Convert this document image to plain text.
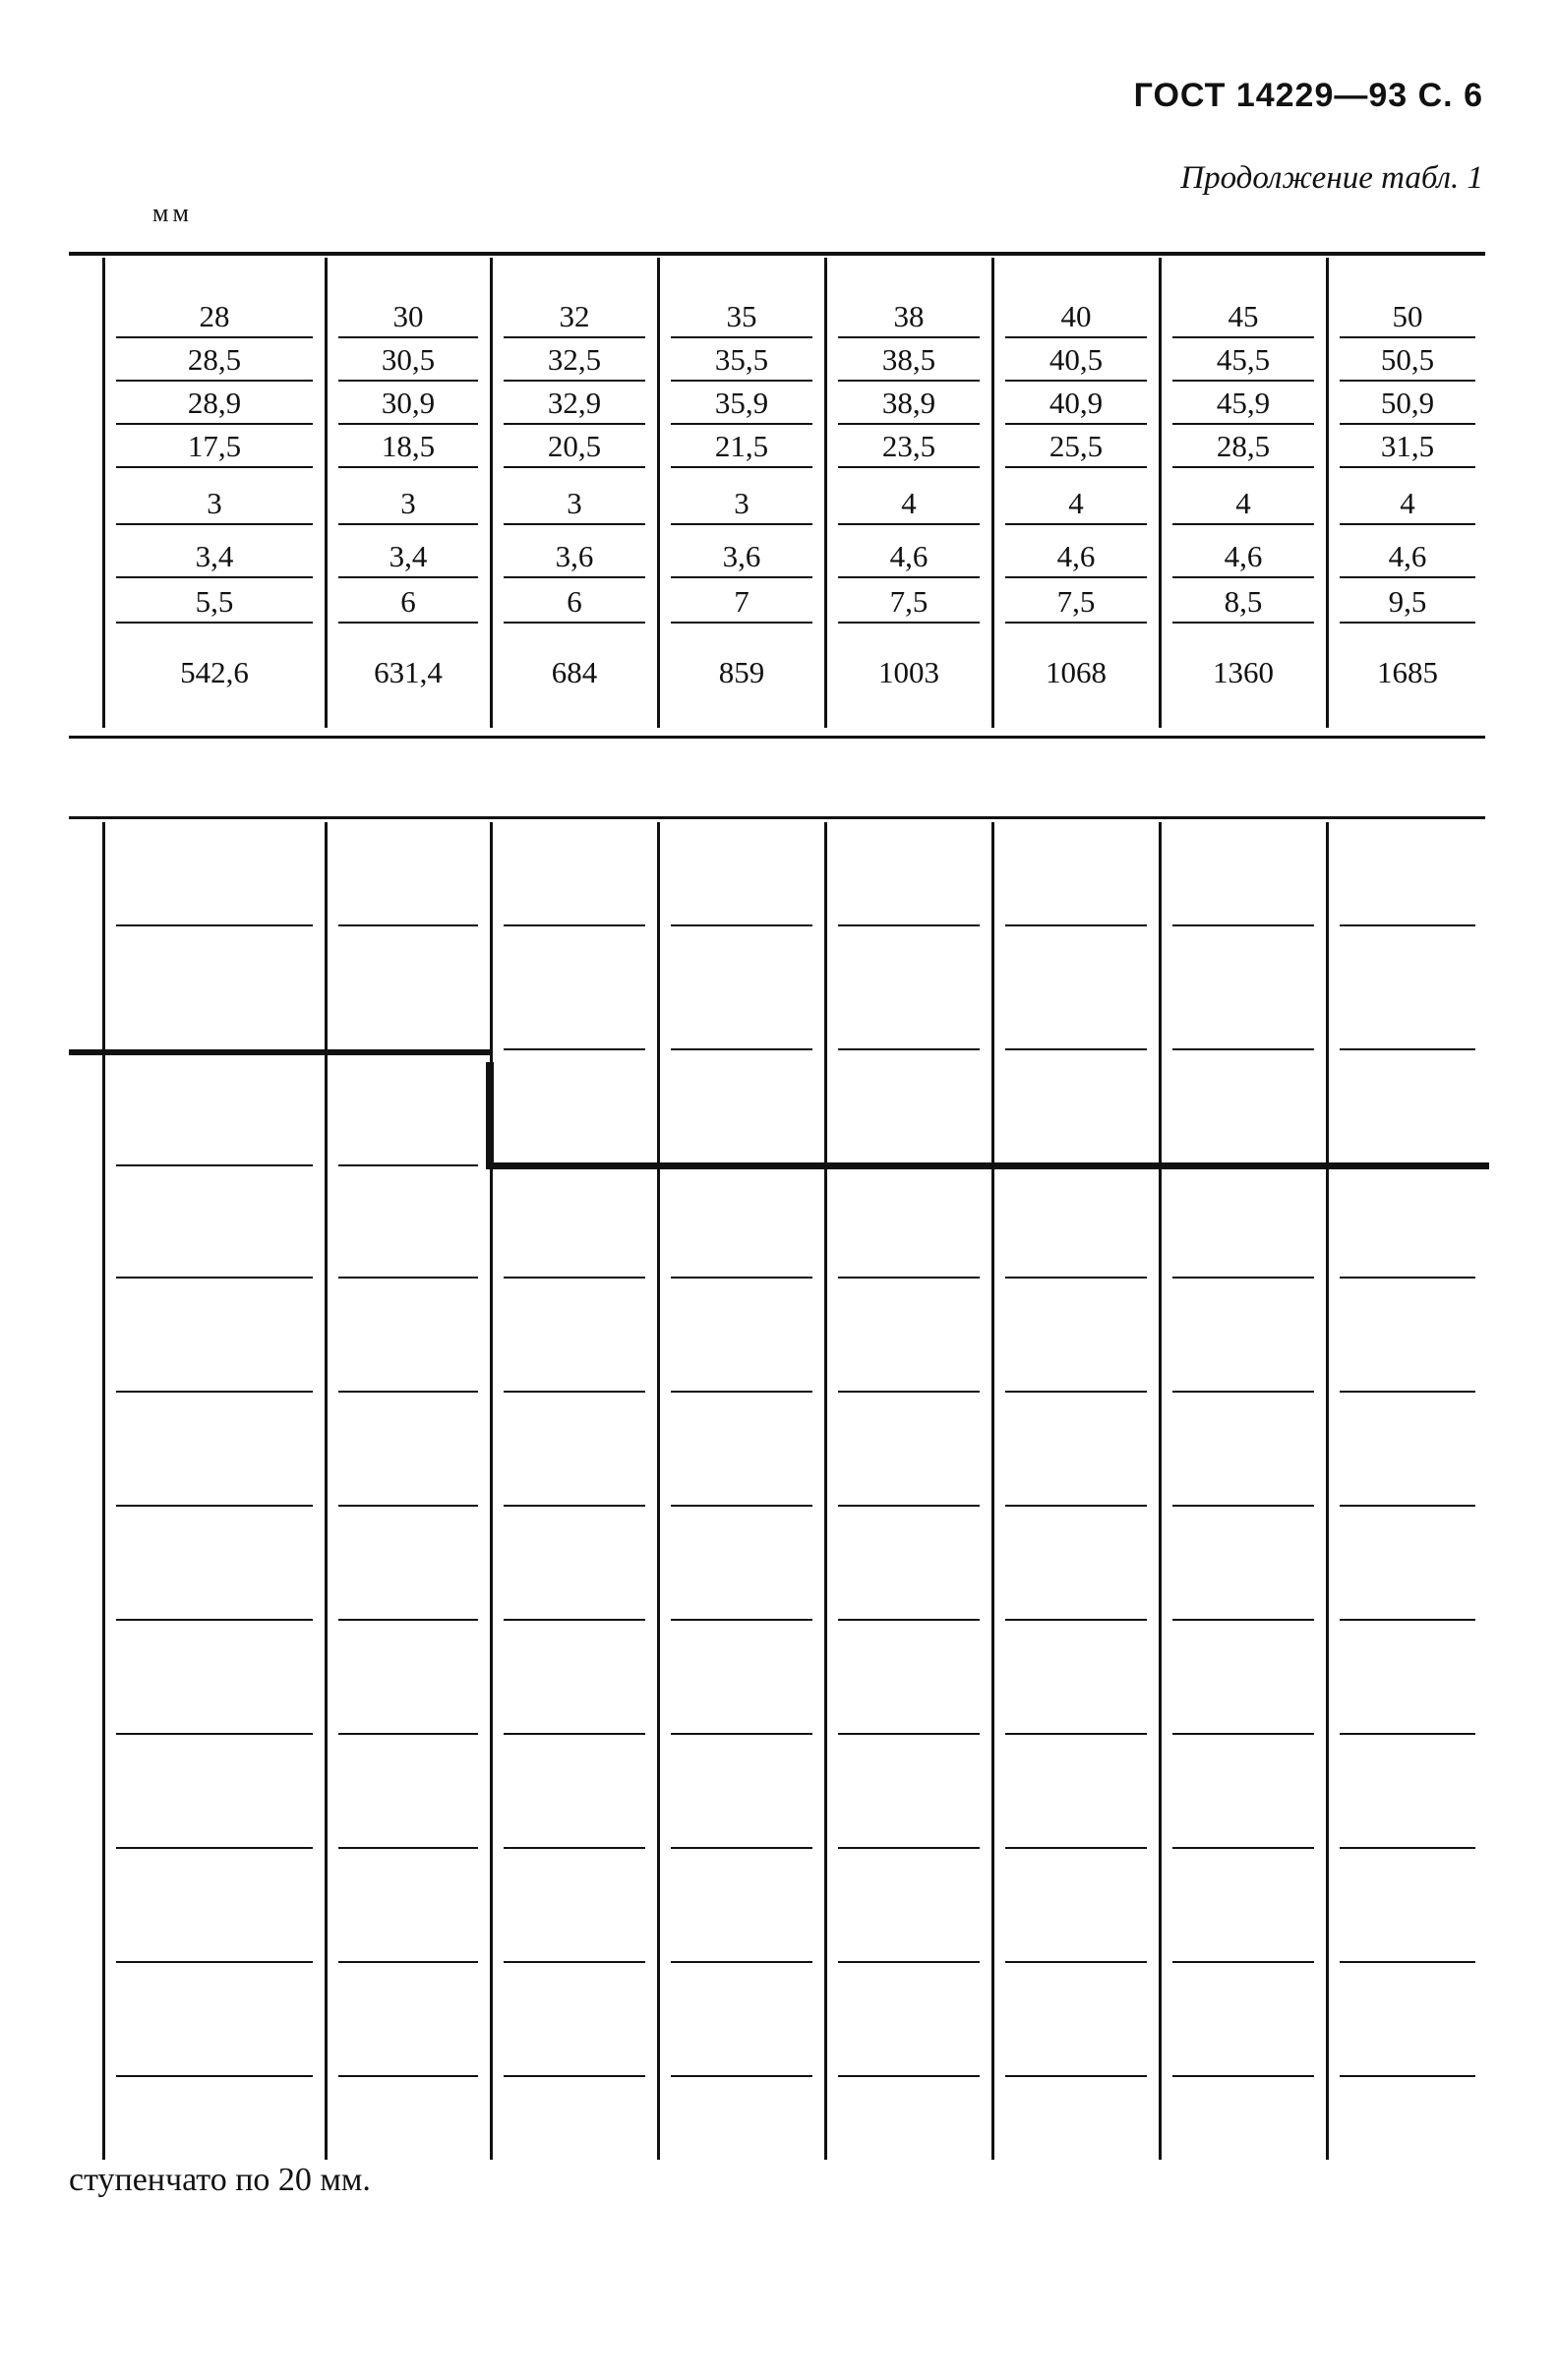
ГОСТ 14229—93 С. 6
Продолжение табл. 1
мм
28
28,5
28,9
17,5
3
3,4
5,5
542,6
30
30,5
30,9
18,5
3
3,4
6
631,4
32
32,5
32,9
20,5
3
3,6
6
684
35
35,5
35,9
21,5
3
3,6
7
859
38
38,5
38,9
23,5
4
4,6
7,5
1003
40
40,5
40,9
25,5
4
4,6
7,5
1068
45
45,5
45,9
28,5
4
4,6
8,5
1360
50
50,5
50,9
31,5
4
4,6
9,5
1685
ступенчато по 20 мм.
